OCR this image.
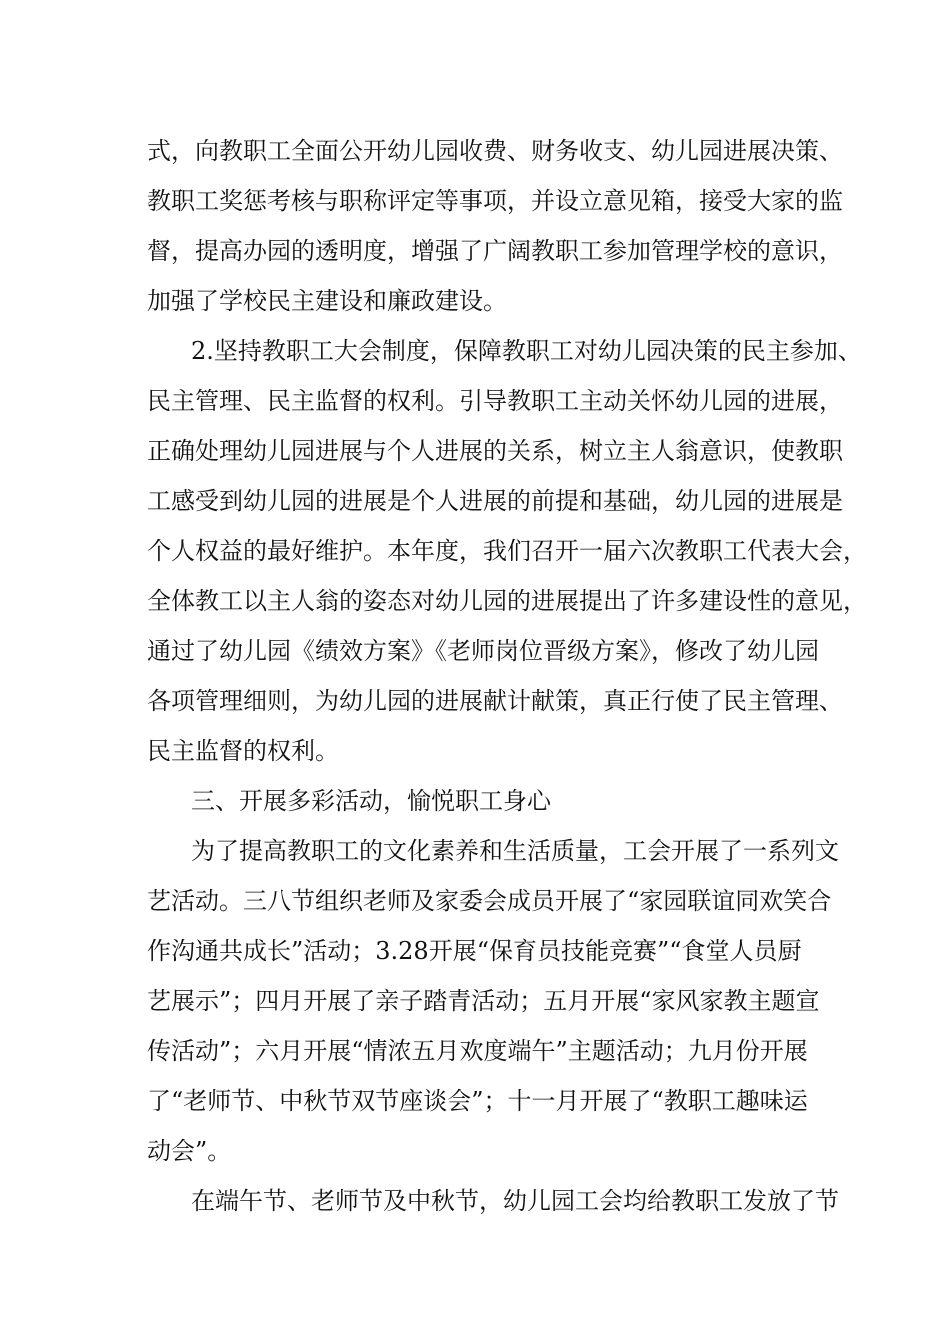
式，向教职工全面公开幼儿园收费、财务收支、幼儿园进展决策、
教职工奖惩考核与职称评定等事项，并设立意见箱，接受大家的监
督，提高办园的透明度，增强了广阔教职工参加管理学校的意识，
加强了学校民主建设和廉政建设。
2.坚持教职工大会制度，保障教职工对幼儿园决策的民主参加、
民主管理、民主监督的权利。引导教职工主动关怀幼儿园的进展，
正确处理幼儿园进展与个人进展的关系，树立主人翁意识，使教职
工感受到幼儿园的进展是个人进展的前提和基础，幼儿园的进展是
个人权益的最好维护。本年度，我们召开一届六次教职工代表大会，
全体教工以主人翁的姿态对幼儿园的进展提出了许多建设性的意见，
通过了幼儿园《绩效方案》《老师岗位晋级方案》，修改了幼儿园
各项管理细则，为幼儿园的进展献计献策，真正行使了民主管理、
民主监督的权利。
三、开展多彩活动，愉悦职工身心
为了提高教职工的文化素养和生活质量，工会开展了一系列文
艺活动。三八节组织老师及家委会成员开展了“家园联谊同欢笑合
作沟通共成长”活动；3.28开展“保育员技能竞赛”“食堂人员厨
艺展示”；四月开展了亲子踏青活动；五月开展“家风家教主题宣
传活动”；六月开展“情浓五月欢度端午”主题活动；九月份开展
了“老师节、中秋节双节座谈会”；十一月开展了“教职工趣味运
动会”。
在端午节、老师节及中秋节，幼儿园工会均给教职工发放了节
